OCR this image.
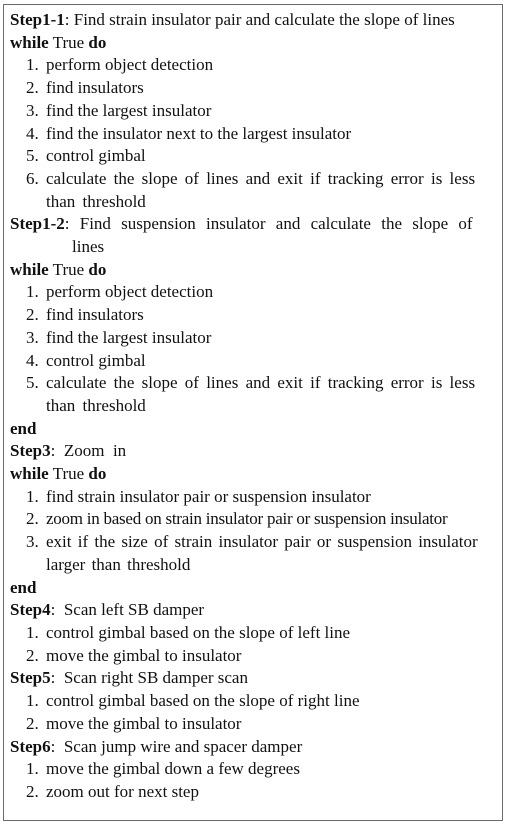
Step1-1: Find strain insulator pair and calculate the slope of lines
while True do
1. perform object detection
2. find insulators
3. find the largest insulator
4. find the insulator next to the largest insulator
5. control gimbal
6. calculate the slope of lines and exit if tracking error is less than threshold
Step1-2: Find suspension insulator and calculate the slope of
lines
while True do
1. perform object detection
2. find insulators
3. find the largest insulator
4. control gimbal
5. calculate the slope of lines and exit if tracking error is less than threshold
end
Step3:  Zoom  in
while True do
1. find strain insulator pair or suspension insulator
2. zoom in based on strain insulator pair or suspension insulator
3. exit if the size of strain insulator pair or suspension insulator larger than threshold
end
Step4:  Scan left SB damper
1. control gimbal based on the slope of left line
2. move the gimbal to insulator
Step5:  Scan right SB damper scan
1. control gimbal based on the slope of right line
2. move the gimbal to insulator
Step6:  Scan jump wire and spacer damper
1. move the gimbal down a few degrees
2. zoom out for next step
